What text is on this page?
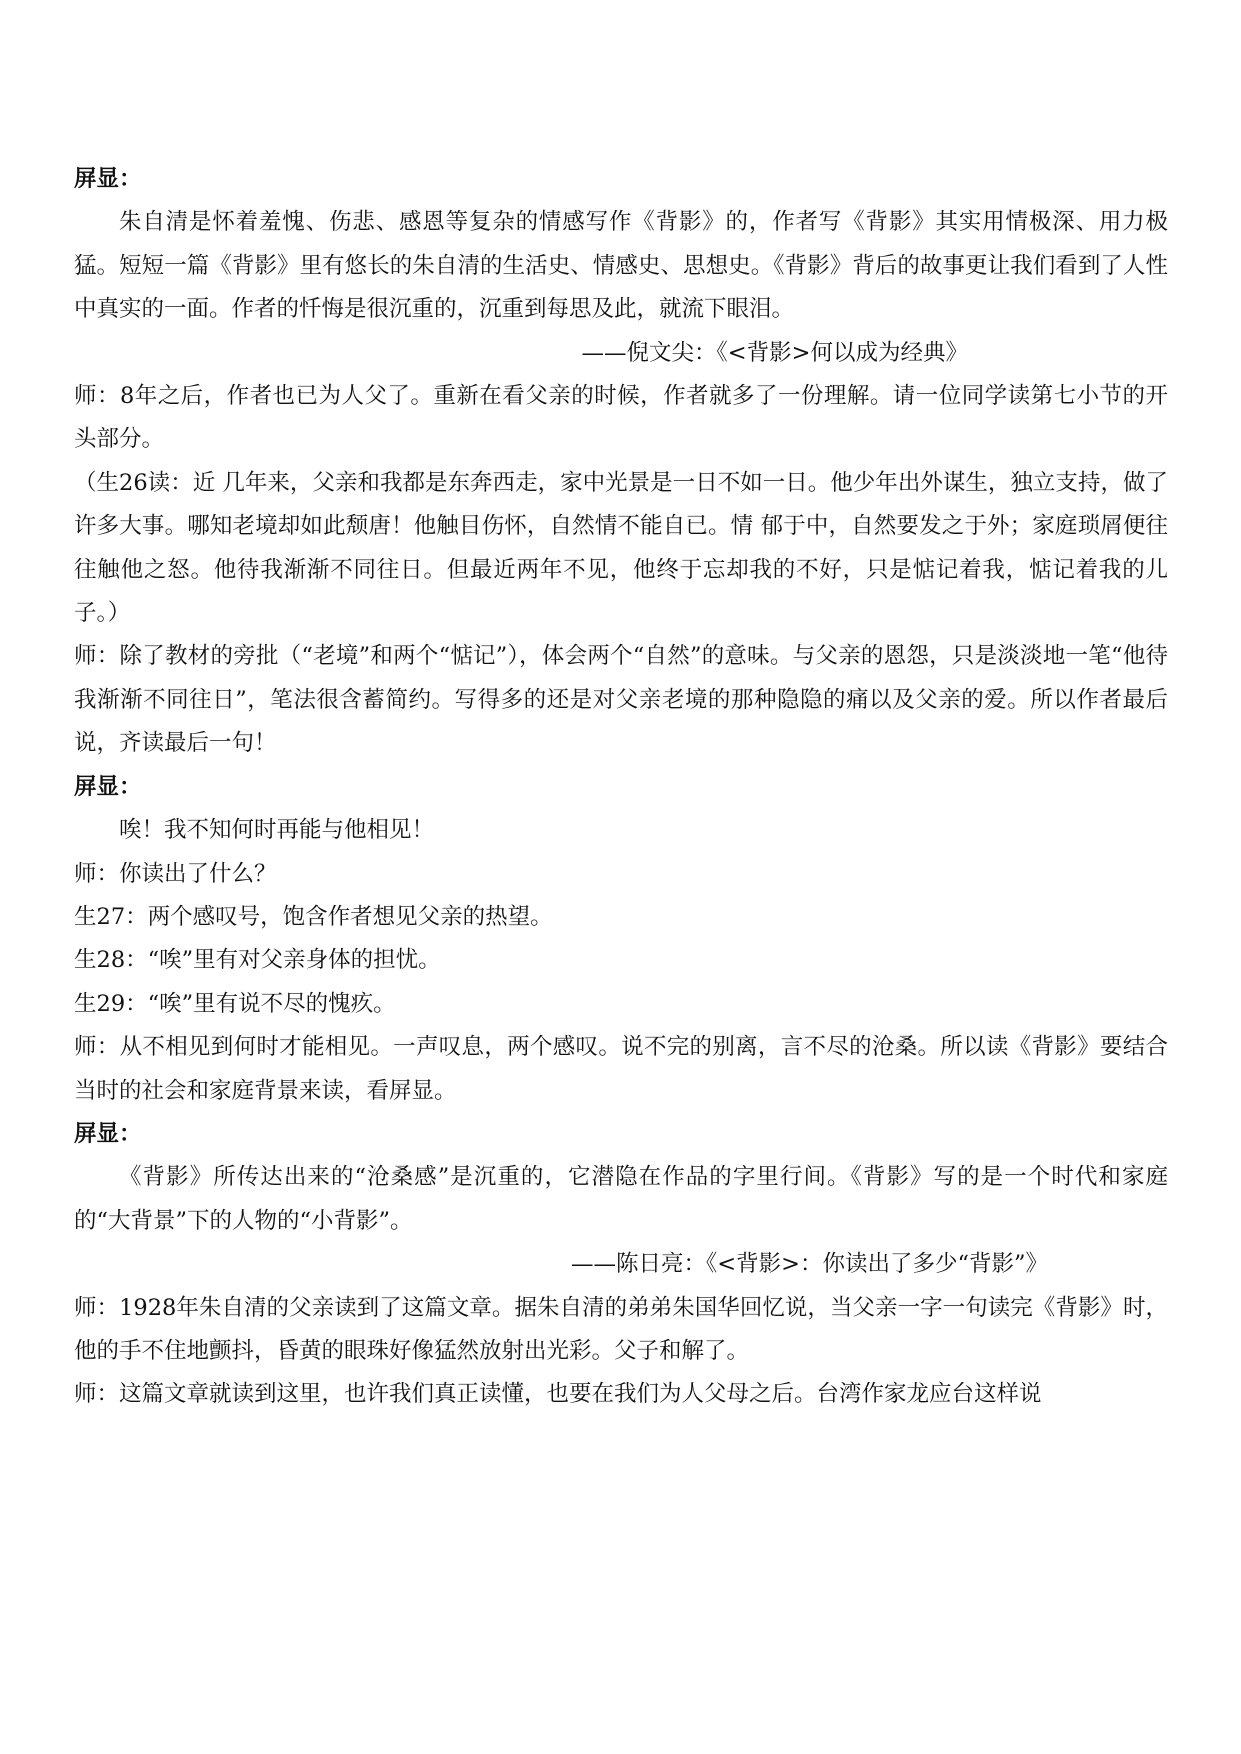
屏显：

朱自清是怀着羞愧、伤悲、感恩等复杂的情感写作《背影》的，作者写《背影》其实用情极深、用力极猛。短短一篇《背影》里有悠长的朱自清的生活史、情感史、思想史。《背影》背后的故事更让我们看到了人性中真实的一面。作者的忏悔是很沉重的，沉重到每思及此，就流下眼泪。

——倪文尖：《<背影>何以成为经典》

师：8年之后，作者也已为人父了。重新在看父亲的时候，作者就多了一份理解。请一位同学读第七小节的开头部分。

（生26读：近 几年来，父亲和我都是东奔西走，家中光景是一日不如一日。他少年出外谋生，独立支持，做了许多大事。哪知老境却如此颓唐！他触目伤怀，自然情不能自已。情 郁于中，自然要发之于外；家庭琐屑便往往触他之怒。他待我渐渐不同往日。但最近两年不见，他终于忘却我的不好，只是惦记着我，惦记着我的儿子。）

师：除了教材的旁批（“老境”和两个“惦记”），体会两个“自然”的意味。与父亲的恩怨，只是淡淡地一笔“他待我渐渐不同往日”，笔法很含蓄简约。写得多的还是对父亲老境的那种隐隐的痛以及父亲的爱。所以作者最后说，齐读最后一句！

屏显：

唉！我不知何时再能与他相见！

师：你读出了什么？

生27：两个感叹号，饱含作者想见父亲的热望。

生28：“唉”里有对父亲身体的担忧。

生29：“唉”里有说不尽的愧疚。

师：从不相见到何时才能相见。一声叹息，两个感叹。说不完的别离，言不尽的沧桑。所以读《背影》要结合当时的社会和家庭背景来读，看屏显。

屏显：

《背影》所传达出来的“沧桑感”是沉重的，它潜隐在作品的字里行间。《背影》写的是一个时代和家庭的“大背景”下的人物的“小背影”。

——陈日亮：《<背影>：你读出了多少“背影”》

师：1928年朱自清的父亲读到了这篇文章。据朱自清的弟弟朱国华回忆说，当父亲一字一句读完《背影》时，他的手不住地颤抖，昏黄的眼珠好像猛然放射出光彩。父子和解了。

师：这篇文章就读到这里，也许我们真正读懂，也要在我们为人父母之后。台湾作家龙应台这样说
